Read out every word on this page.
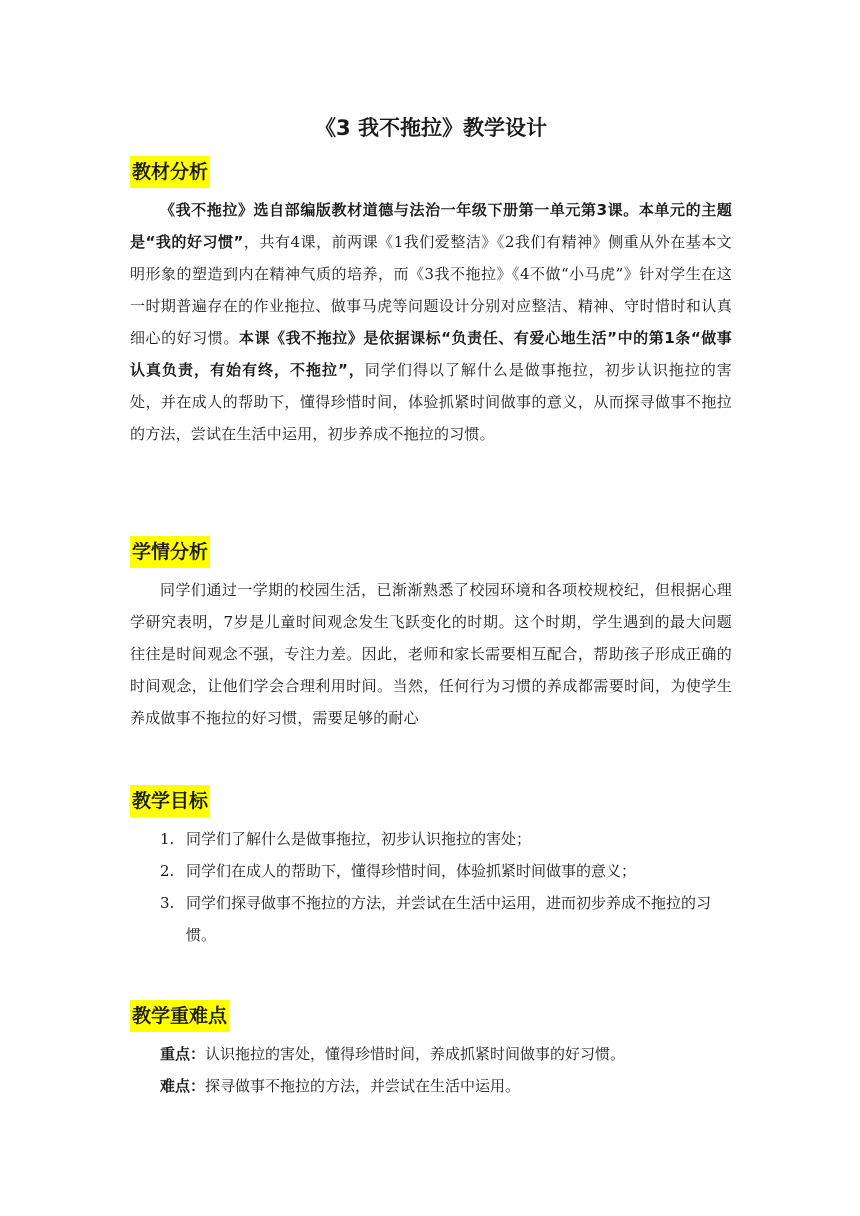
《3 我不拖拉》教学设计
教材分析

《我不拖拉》选自部编版教材道德与法治一年级下册第一单元第3课。本单元的主题是“我的好习惯”，共有4课，前两课《1我们爱整洁》《2我们有精神》侧重从外在基本文明形象的塑造到内在精神气质的培养，而《3我不拖拉》《4不做“小马虎”》针对学生在这一时期普遍存在的作业拖拉、做事马虎等问题设计分别对应整洁、精神、守时惜时和认真细心的好习惯。本课《我不拖拉》是依据课标“负责任、有爱心地生活”中的第1条“做事认真负责，有始有终，不拖拉”，同学们得以了解什么是做事拖拉，初步认识拖拉的害处，并在成人的帮助下，懂得珍惜时间，体验抓紧时间做事的意义，从而探寻做事不拖拉的方法，尝试在生活中运用，初步养成不拖拉的习惯。

学情分析

同学们通过一学期的校园生活，已渐渐熟悉了校园环境和各项校规校纪，但根据心理学研究表明，7岁是儿童时间观念发生飞跃变化的时期。这个时期，学生遇到的最大问题往往是时间观念不强，专注力差。因此，老师和家长需要相互配合，帮助孩子形成正确的时间观念，让他们学会合理利用时间。当然，任何行为习惯的养成都需要时间，为使学生养成做事不拖拉的好习惯，需要足够的耐心

教学目标
1. 同学们了解什么是做事拖拉，初步认识拖拉的害处；
2. 同学们在成人的帮助下，懂得珍惜时间，体验抓紧时间做事的意义；
3. 同学们探寻做事不拖拉的方法，并尝试在生活中运用，进而初步养成不拖拉的习惯。
教学重难点

重点：认识拖拉的害处，懂得珍惜时间，养成抓紧时间做事的好习惯。

难点：探寻做事不拖拉的方法，并尝试在生活中运用。
